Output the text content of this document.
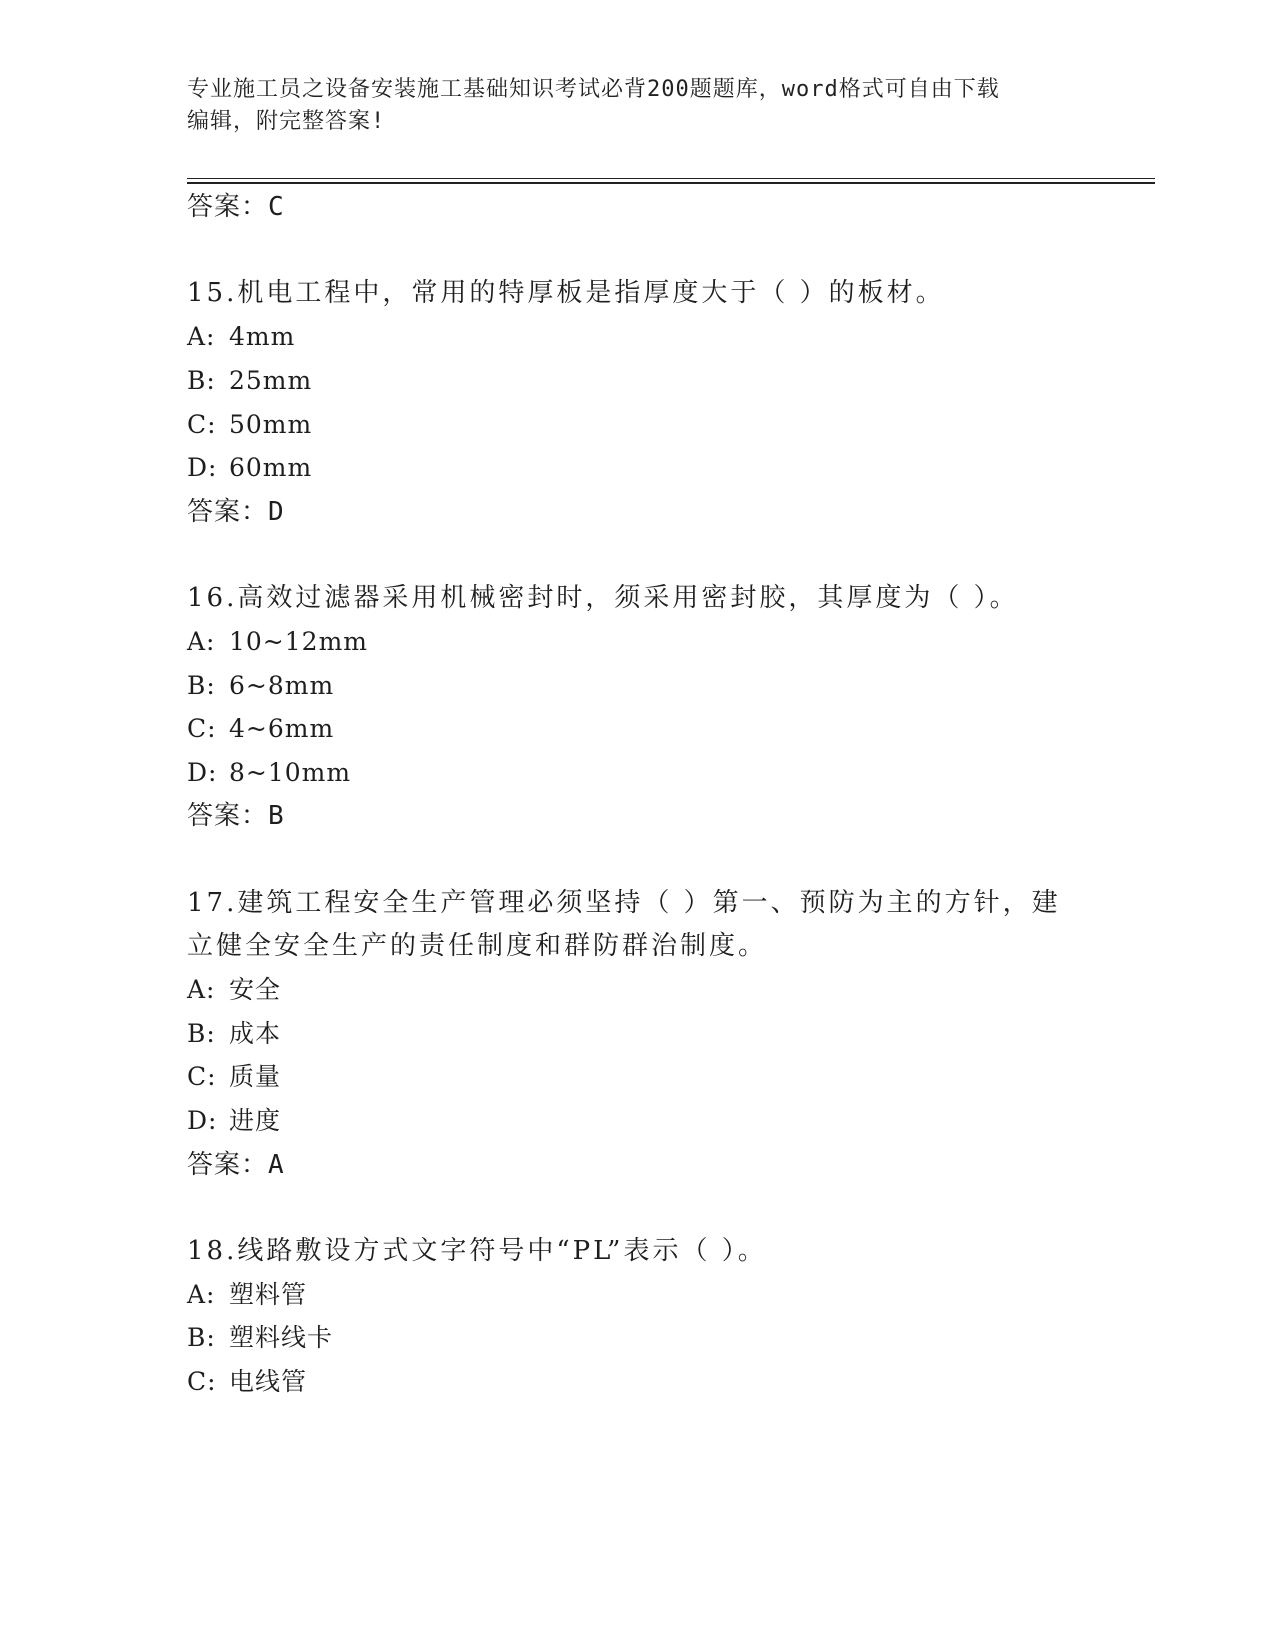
专业施工员之设备安装施工基础知识考试必背200题题库，word格式可自由下载
编辑，附完整答案!
答案：C
15.机电工程中，常用的特厚板是指厚度大于（ ）的板材。
A: 4mm
B: 25mm
C: 50mm
D: 60mm
答案：D
16.高效过滤器采用机械密封时，须采用密封胶，其厚度为（ ）。
A: 10~12mm
B: 6~8mm
C: 4~6mm
D: 8~10mm
答案：B
17.建筑工程安全生产管理必须坚持（ ）第一、预防为主的方针，建
立健全安全生产的责任制度和群防群治制度。
A: 安全
B: 成本
C: 质量
D: 进度
答案：A
18.线路敷设方式文字符号中“PL”表示（ ）。
A: 塑料管
B: 塑料线卡
C: 电线管
